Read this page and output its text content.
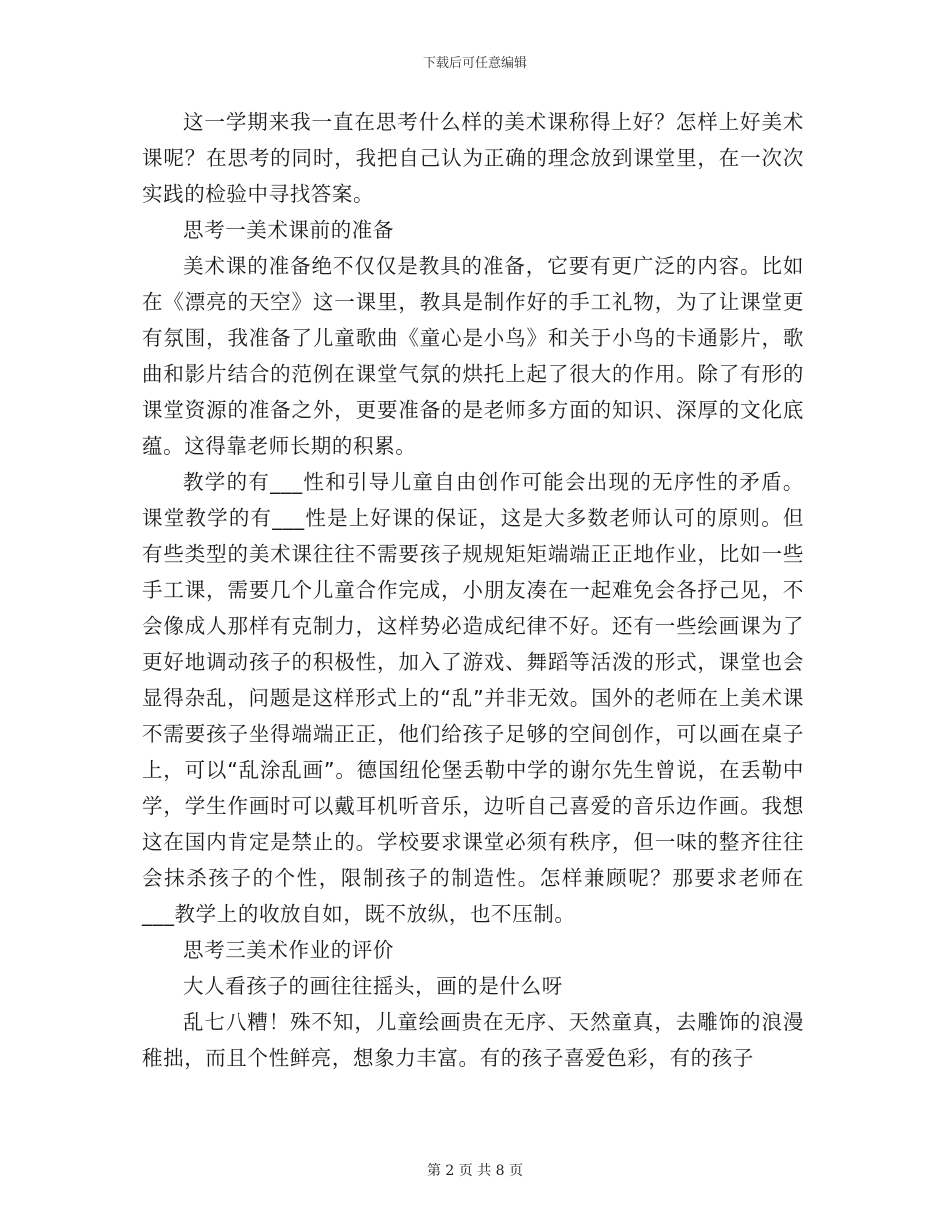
下载后可任意编辑

这一学期来我一直在思考什么样的美术课称得上好？怎样上好美术课呢？在思考的同时，我把自己认为正确的理念放到课堂里，在一次次实践的检验中寻找答案。

思考一美术课前的准备

美术课的准备绝不仅仅是教具的准备，它要有更广泛的内容。比如在《漂亮的天空》这一课里，教具是制作好的手工礼物，为了让课堂更有氛围，我准备了儿童歌曲《童心是小鸟》和关于小鸟的卡通影片，歌曲和影片结合的范例在课堂气氛的烘托上起了很大的作用。除了有形的课堂资源的准备之外，更要准备的是老师多方面的知识、深厚的文化底蕴。这得靠老师长期的积累。

教学的有___性和引导儿童自由创作可能会出现的无序性的矛盾。课堂教学的有___性是上好课的保证，这是大多数老师认可的原则。但有些类型的美术课往往不需要孩子规规矩矩端端正正地作业，比如一些手工课，需要几个儿童合作完成，小朋友凑在一起难免会各抒己见，不会像成人那样有克制力，这样势必造成纪律不好。还有一些绘画课为了更好地调动孩子的积极性，加入了游戏、舞蹈等活泼的形式，课堂也会显得杂乱，问题是这样形式上的“乱”并非无效。国外的老师在上美术课不需要孩子坐得端端正正，他们给孩子足够的空间创作，可以画在桌子上，可以“乱涂乱画”。德国纽伦堡丢勒中学的谢尔先生曾说，在丢勒中学，学生作画时可以戴耳机听音乐，边听自己喜爱的音乐边作画。我想这在国内肯定是禁止的。学校要求课堂必须有秩序，但一味的整齐往往会抹杀孩子的个性，限制孩子的制造性。怎样兼顾呢？那要求老师在___教学上的收放自如，既不放纵，也不压制。

思考三美术作业的评价

大人看孩子的画往往摇头，画的是什么呀

乱七八糟！殊不知，儿童绘画贵在无序、天然童真，去雕饰的浪漫稚拙，而且个性鲜亮，想象力丰富。有的孩子喜爱色彩，有的孩子

第 2 页 共 8 页
